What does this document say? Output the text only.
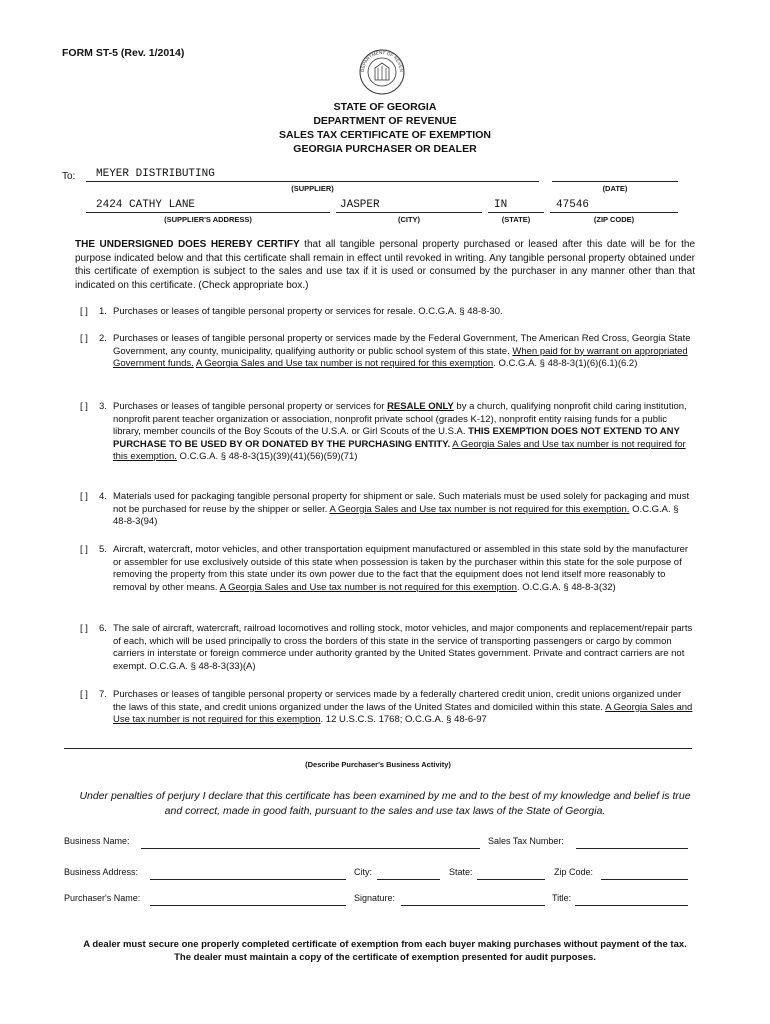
FORM ST-5 (Rev. 1/2014)
DEPARTMENT OF REVEN
STATE OF GEORGIA
DEPARTMENT OF REVENUE
SALES TAX CERTIFICATE OF EXEMPTION
GEORGIA PURCHASER OR DEALER
To: MEYER DISTRIBUTING
(SUPPLIER)	(DATE)
2424 CATHY LANE	JASPER	IN	47546
(SUPPLIER'S ADDRESS)	(CITY)	(STATE)	(ZIP CODE)
THE UNDERSIGNED DOES HEREBY CERTIFY that all tangible personal property purchased or leased after this date will be for the purpose indicated below and that this certificate shall remain in effect until revoked in writing. Any tangible personal property obtained under this certificate of exemption is subject to the sales and use tax if it is used or consumed by the purchaser in any manner other than that indicated on this certificate. (Check appropriate box.)
[ ] 1. Purchases or leases of tangible personal property or services for resale. O.C.G.A. § 48-8-30.
[ ] 2. Purchases or leases of tangible personal property or services made by the Federal Government, The American Red Cross, Georgia State Government, any county, municipality, qualifying authority or public school system of this state. When paid for by warrant on appropriated Government funds. A Georgia Sales and Use tax number is not required for this exemption. O.C.G.A. § 48-8-3(1)(6)(6.1)(6.2)
[ ] 3. Purchases or leases of tangible personal property or services for RESALE ONLY by a church, qualifying nonprofit child caring institution, nonprofit parent teacher organization or association, nonprofit private school (grades K-12), nonprofit entity raising funds for a public library, member councils of the Boy Scouts of the U.S.A. or Girl Scouts of the U.S.A. THIS EXEMPTION DOES NOT EXTEND TO ANY PURCHASE TO BE USED BY OR DONATED BY THE PURCHASING ENTITY. A Georgia Sales and Use tax number is not required for this exemption. O.C.G.A. § 48-8-3(15)(39)(41)(56)(59)(71)
[ ] 4. Materials used for packaging tangible personal property for shipment or sale. Such materials must be used solely for packaging and must not be purchased for reuse by the shipper or seller. A Georgia Sales and Use tax number is not required for this exemption. O.C.G.A. § 48-8-3(94)
[ ] 5. Aircraft, watercraft, motor vehicles, and other transportation equipment manufactured or assembled in this state sold by the manufacturer or assembler for use exclusively outside of this state when possession is taken by the purchaser within this state for the sole purpose of removing the property from this state under its own power due to the fact that the equipment does not lend itself more reasonably to removal by other means. A Georgia Sales and Use tax number is not required for this exemption. O.C.G.A. § 48-8-3(32)
[ ] 6. The sale of aircraft, watercraft, railroad locomotives and rolling stock, motor vehicles, and major components and replacement/repair parts of each, which will be used principally to cross the borders of this state in the service of transporting passengers or cargo by common carriers in interstate or foreign commerce under authority granted by the United States government. Private and contract carriers are not exempt. O.C.G.A. § 48-8-3(33)(A)
[ ] 7. Purchases or leases of tangible personal property or services made by a federally chartered credit union, credit unions organized under the laws of this state, and credit unions organized under the laws of the United States and domiciled within this state. A Georgia Sales and Use tax number is not required for this exemption. 12 U.S.C.S. 1768; O.C.G.A. § 48-6-97
(Describe Purchaser's Business Activity)
Under penalties of perjury I declare that this certificate has been examined by me and to the best of my knowledge and belief is true and correct, made in good faith, pursuant to the sales and use tax laws of the State of Georgia.
Business Name:	Sales Tax Number:
Business Address:	City:	State:	Zip Code:
Purchaser's Name:	Signature:	Title:
A dealer must secure one properly completed certificate of exemption from each buyer making purchases without payment of the tax.
The dealer must maintain a copy of the certificate of exemption presented for audit purposes.
